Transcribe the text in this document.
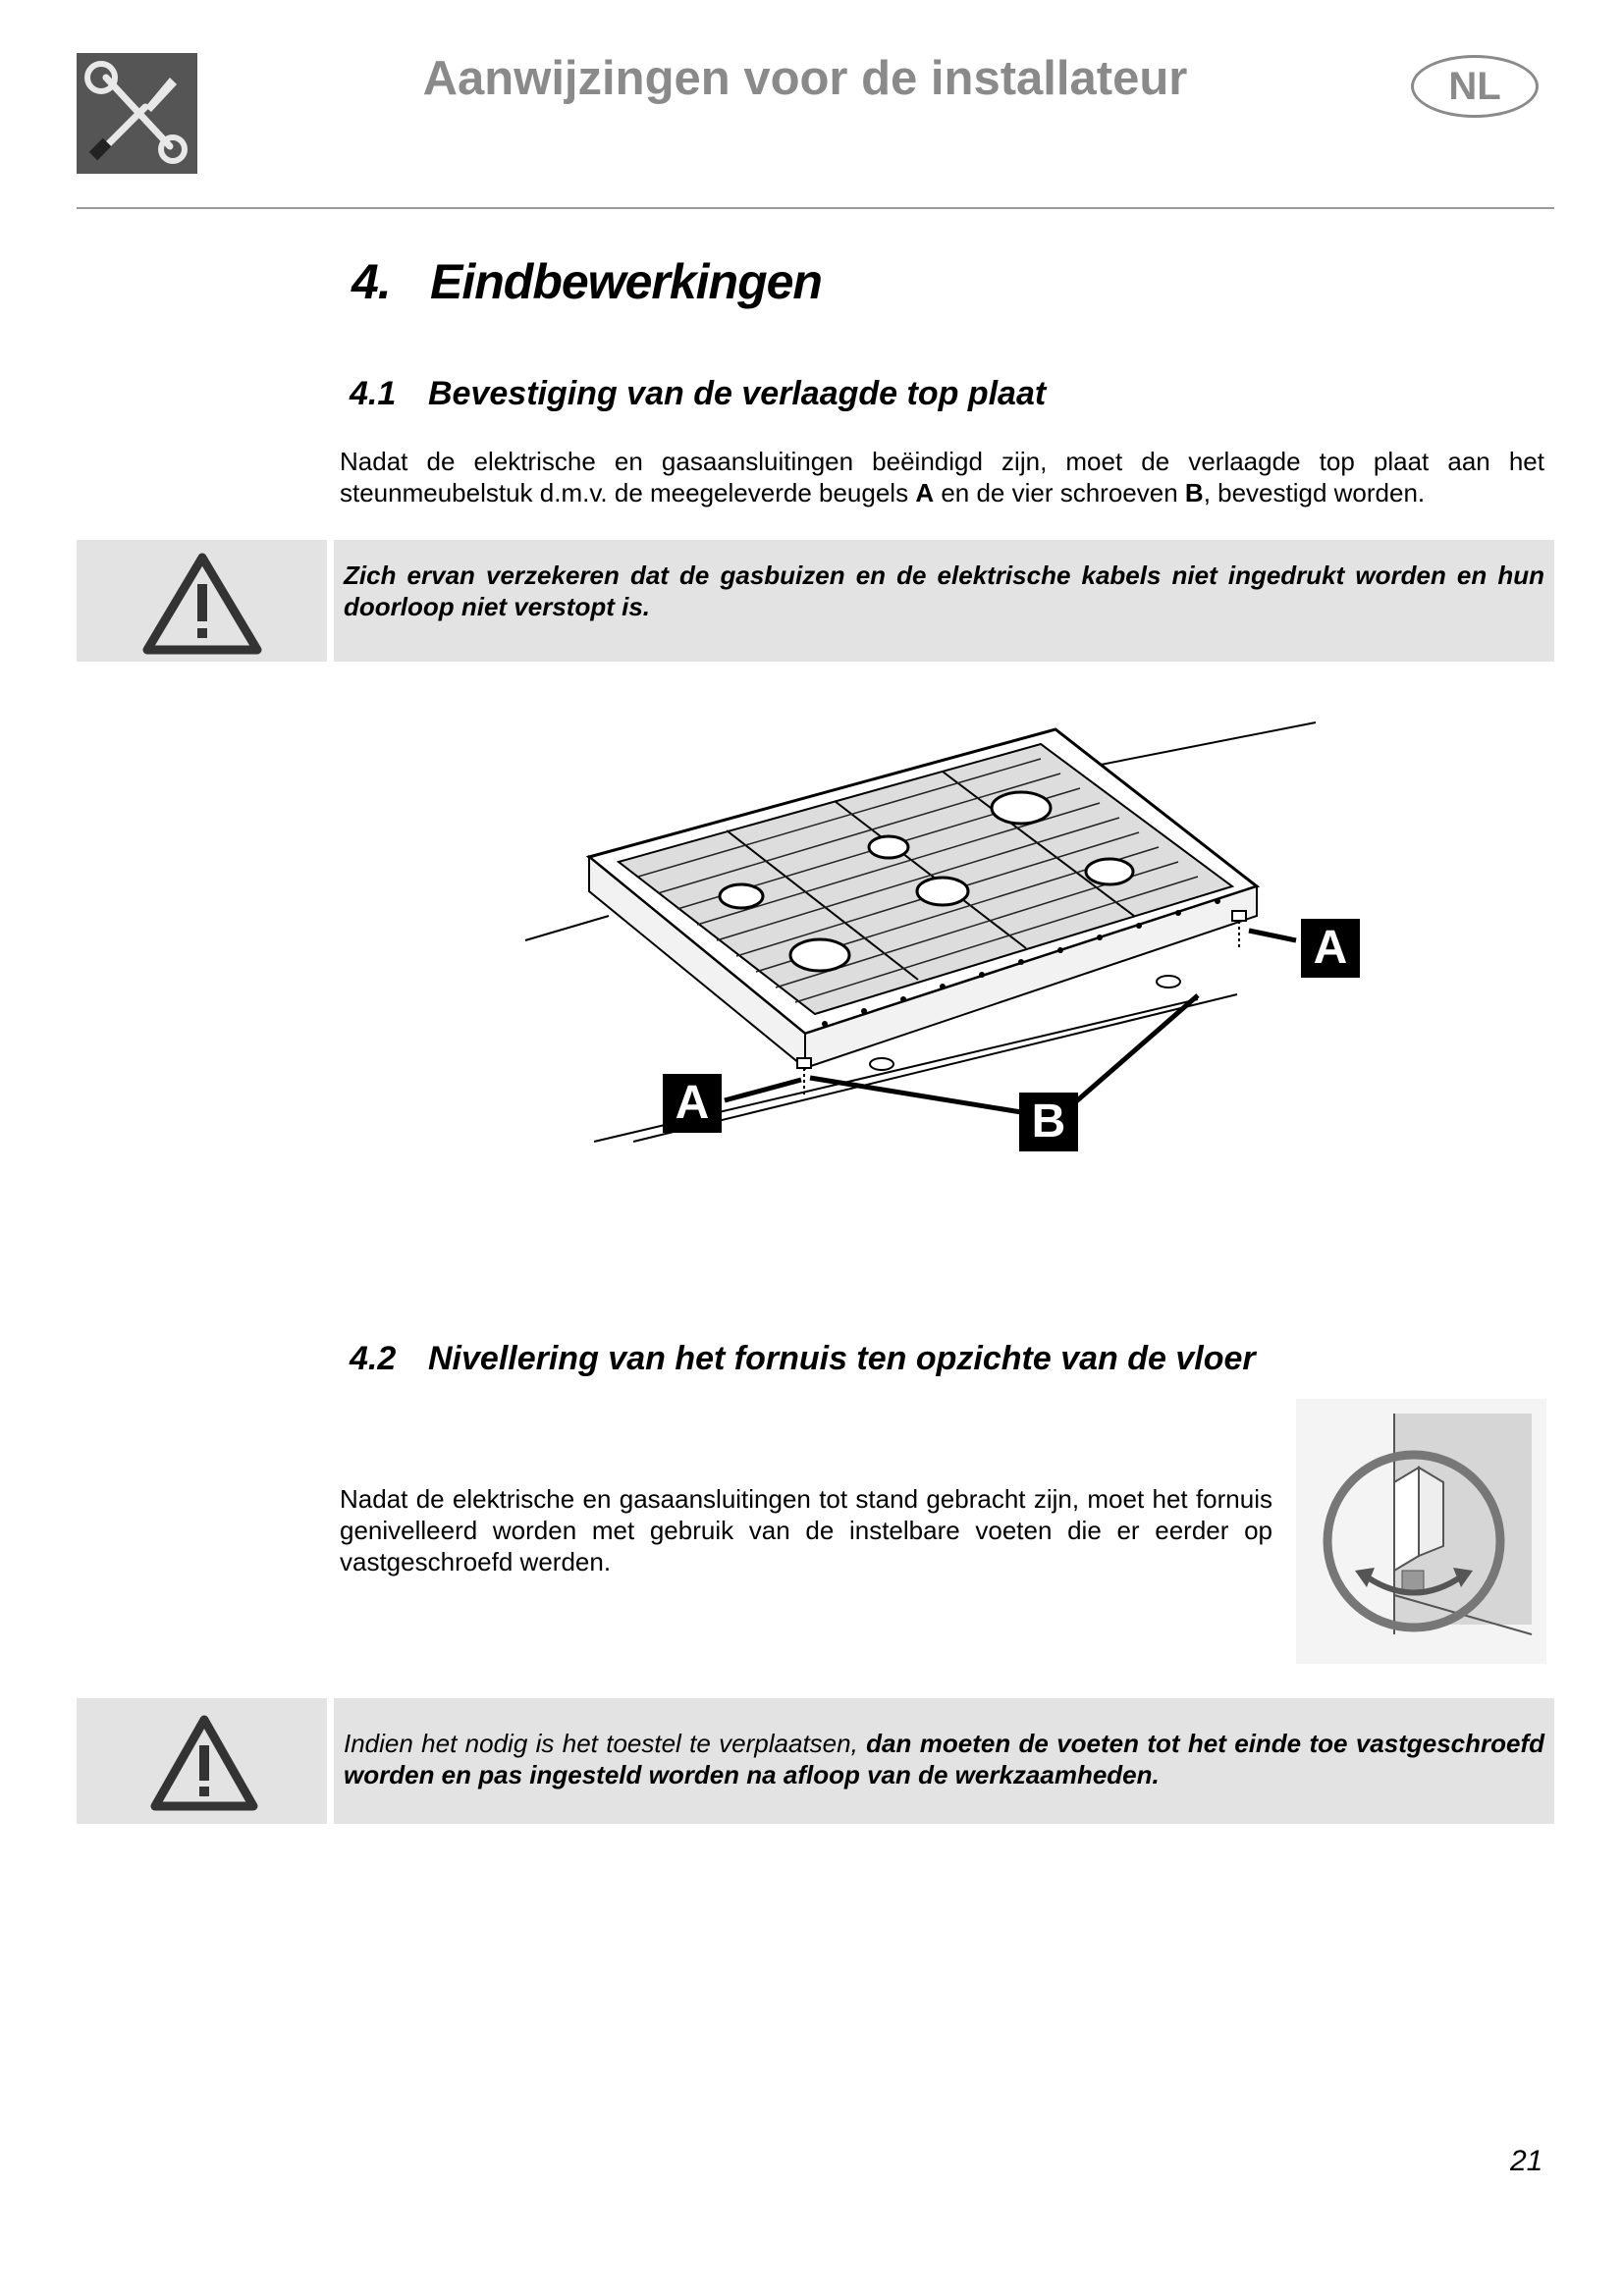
Aanwijzingen voor de installateur	NL
4. Eindbewerkingen
4.1 Bevestiging van de verlaagde top plaat
Nadat de elektrische en gasaansluitingen beëindigd zijn, moet de verlaagde top plaat aan het steunmeubelstuk d.m.v. de meegeleverde beugels A en de vier schroeven B, bevestigd worden.
Zich ervan verzekeren dat de gasbuizen en de elektrische kabels niet ingedrukt worden en hun doorloop niet verstopt is.
A
A
B
4.2 Nivellering van het fornuis ten opzichte van de vloer
Nadat de elektrische en gasaansluitingen tot stand gebracht zijn, moet het fornuis genivelleerd worden met gebruik van de instelbare voeten die er eerder op vastgeschroefd werden.
Indien het nodig is het toestel te verplaatsen, dan moeten de voeten tot het einde toe vastgeschroefd worden en pas ingesteld worden na afloop van de werkzaamheden.
21
